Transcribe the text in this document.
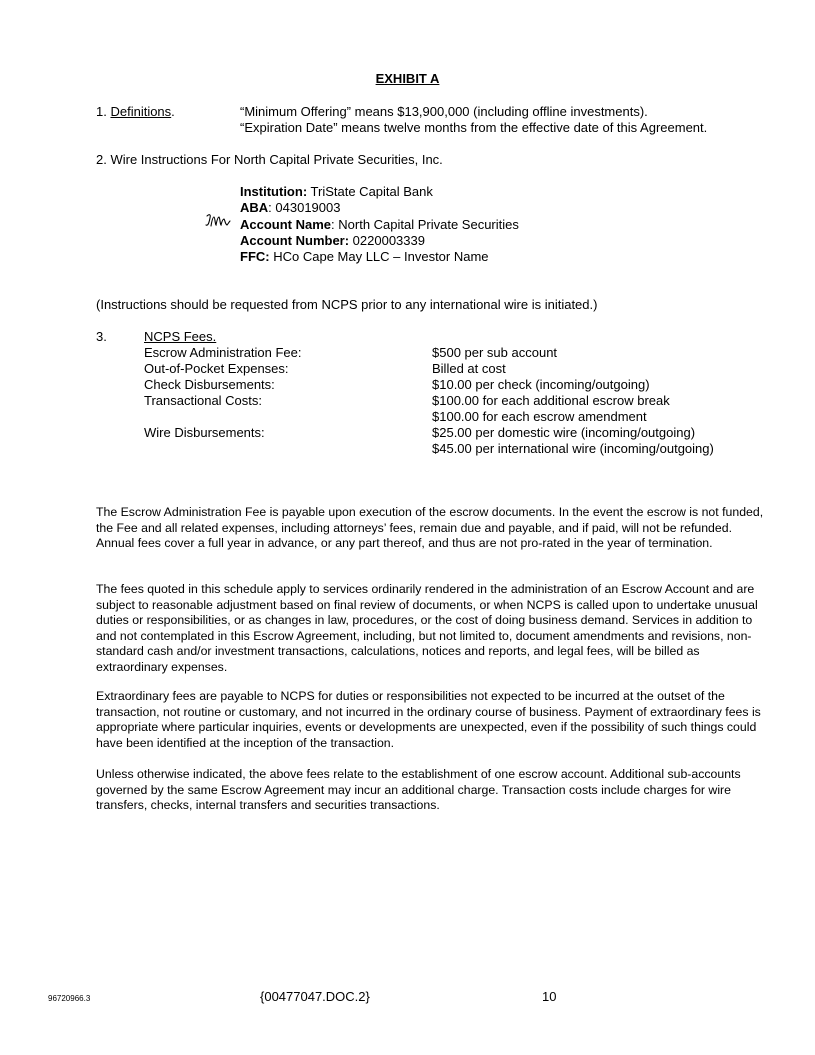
EXHIBIT A
1. Definitions.	“Minimum Offering” means $13,900,000 (including offline investments).
“Expiration Date” means twelve months from the effective date of this Agreement.
2. Wire Instructions For North Capital Private Securities, Inc.
Institution: TriState Capital Bank
ABA: 043019003
Account Name: North Capital Private Securities
Account Number: 0220003339
FFC: HCo Cape May LLC – Investor Name
(Instructions should be requested from NCPS prior to any international wire is initiated.)
3.	NCPS Fees.
Escrow Administration Fee:	$500 per sub account
Out-of-Pocket Expenses:	Billed at cost
Check Disbursements:	$10.00 per check (incoming/outgoing)
Transactional Costs:	$100.00 for each additional escrow break
$100.00 for each escrow amendment
Wire Disbursements:	$25.00 per domestic wire (incoming/outgoing)
$45.00 per international wire (incoming/outgoing)
The Escrow Administration Fee is payable upon execution of the escrow documents. In the event the escrow is not funded, the Fee and all related expenses, including attorneys’ fees, remain due and payable, and if paid, will not be refunded. Annual fees cover a full year in advance, or any part thereof, and thus are not pro-rated in the year of termination.
The fees quoted in this schedule apply to services ordinarily rendered in the administration of an Escrow Account and are subject to reasonable adjustment based on final review of documents, or when NCPS is called upon to undertake unusual duties or responsibilities, or as changes in law, procedures, or the cost of doing business demand. Services in addition to and not contemplated in this Escrow Agreement, including, but not limited to, document amendments and revisions, non-standard cash and/or investment transactions, calculations, notices and reports, and legal fees, will be billed as extraordinary expenses.
Extraordinary fees are payable to NCPS for duties or responsibilities not expected to be incurred at the outset of the transaction, not routine or customary, and not incurred in the ordinary course of business. Payment of extraordinary fees is appropriate where particular inquiries, events or developments are unexpected, even if the possibility of such things could have been identified at the inception of the transaction.
Unless otherwise indicated, the above fees relate to the establishment of one escrow account. Additional sub-accounts governed by the same Escrow Agreement may incur an additional charge. Transaction costs include charges for wire transfers, checks, internal transfers and securities transactions.
96720966.3	{00477047.DOC.2}	10
